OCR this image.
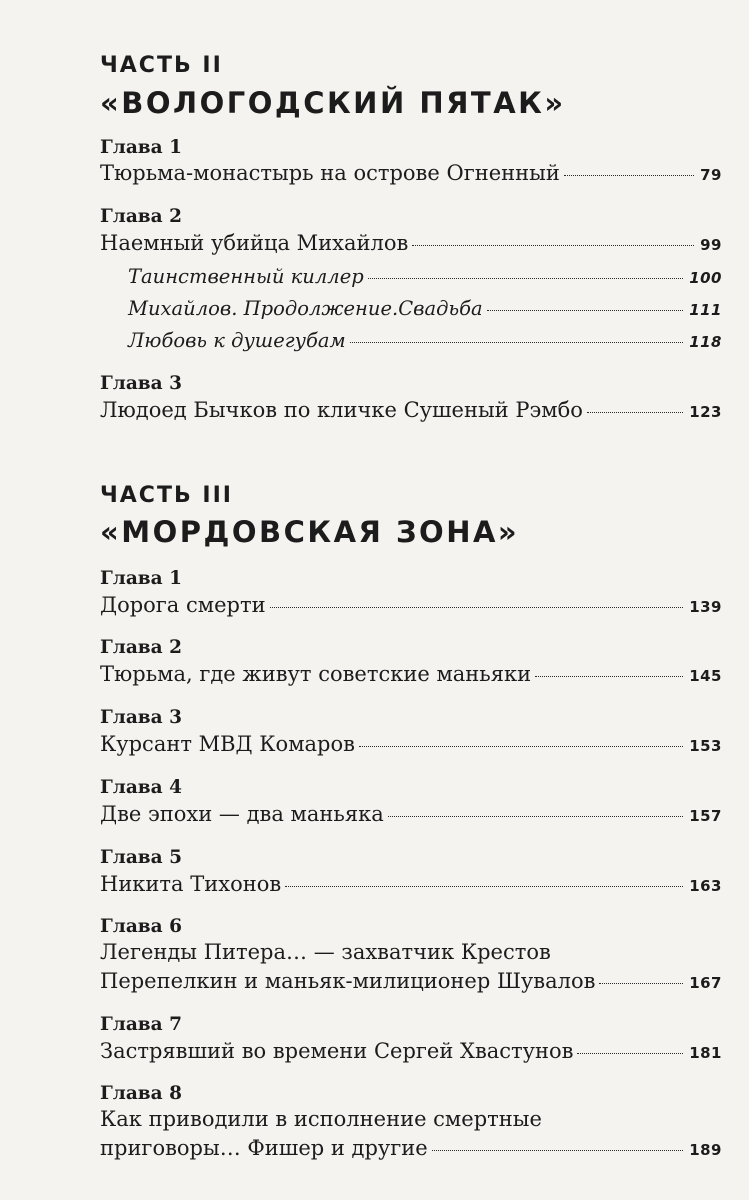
ЧАСТЬ II
«ВОЛОГОДСКИЙ ПЯТАК»
Глава 1
Тюрьма-монастырь на острове Огненный	79
Глава 2
Наемный убийца Михайлов	99
Таинственный киллер	100
Михайлов. Продолжение.Свадьба	111
Любовь к душегубам	118
Глава 3
Людоед Бычков по кличке Сушеный Рэмбо	123
ЧАСТЬ III
«МОРДОВСКАЯ ЗОНА»
Глава 1
Дорога смерти	139
Глава 2
Тюрьма, где живут советские маньяки	145
Глава 3
Курсант МВД Комаров	153
Глава 4
Две эпохи — два маньяка	157
Глава 5
Никита Тихонов	163
Глава 6
Легенды Питера… — захватчик Крестов
Перепелкин и маньяк-милиционер Шувалов	167
Глава 7
Застрявший во времени Сергей Хвастунов	181
Глава 8
Как приводили в исполнение смертные
приговоры… Фишер и другие	189
